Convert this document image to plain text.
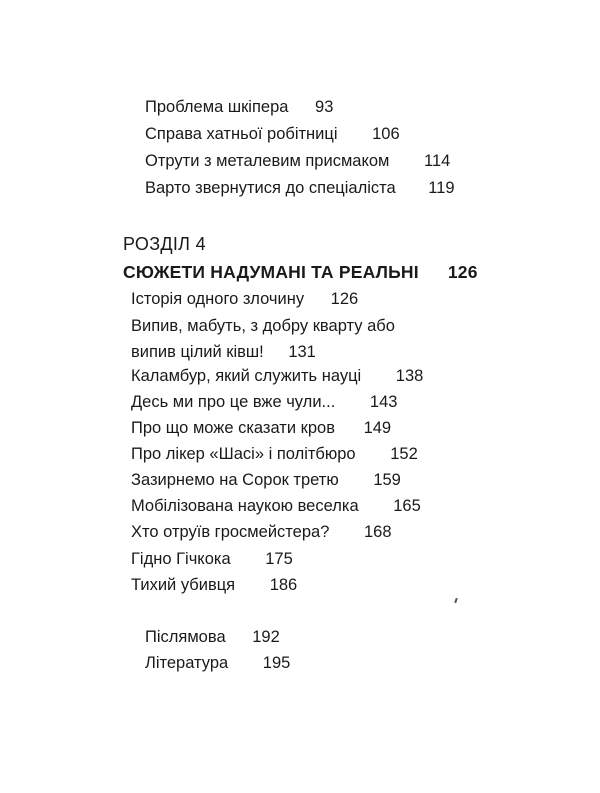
Проблема шкіпера 93
Справа хатньої робітниці 106
Отрути з металевим присмаком 114
Варто звернутися до спеціаліста 119
РОЗДІЛ 4
СЮЖЕТИ НАДУМАНІ ТА РЕАЛЬНІ 126
Історія одного злочину 126
Випив, мабуть, з добру кварту або
випив цілий ківш! 131
Каламбур, який служить науці 138
Десь ми про це вже чули... 143
Про що може сказати кров 149
Про лікер «Шасі» і політбюро 152
Зазирнемо на Сорок третю 159
Мобілізована наукою веселка 165
Хто отруїв гросмейстера? 168
Гідно Гічкока 175
Тихий убивця 186
Післямова 192
Література 195
